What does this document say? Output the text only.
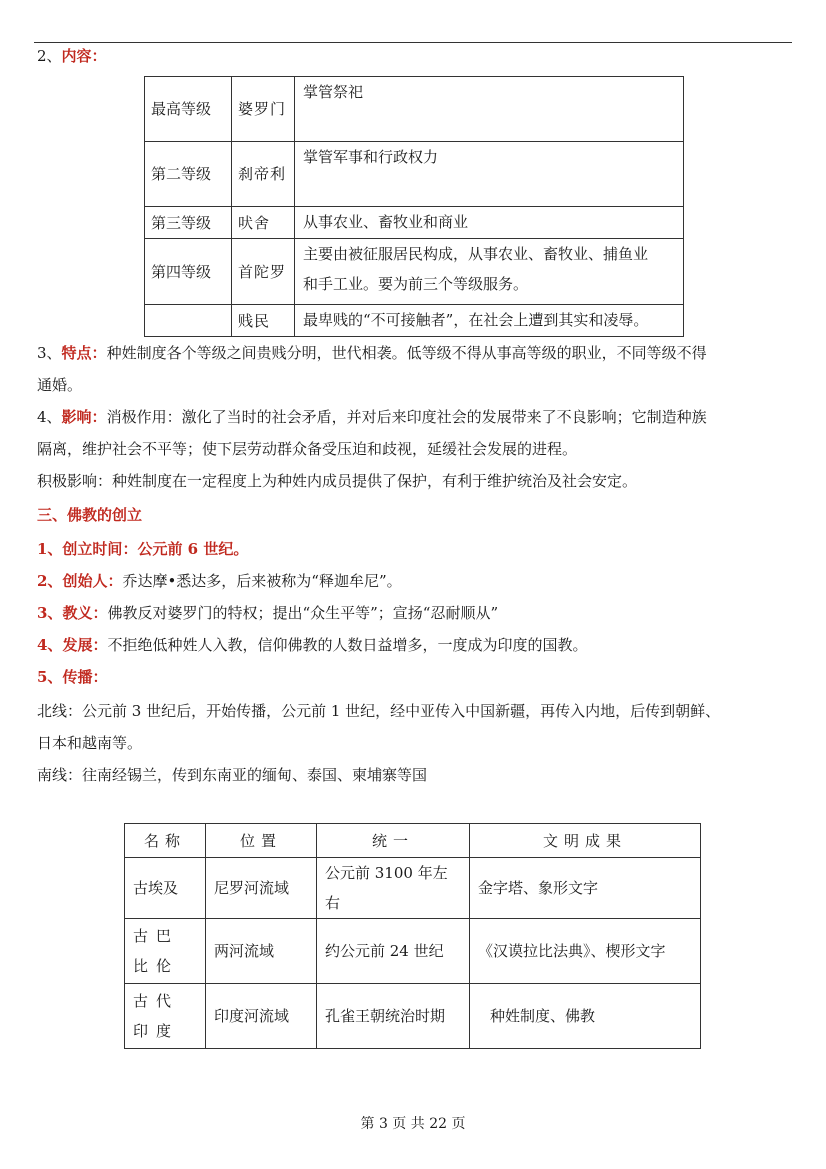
2、内容：
最高等级	婆罗门	掌管祭祀

第二等级	刹帝利	掌管军事和行政权力

第三等级	吠舍	从事农业、畜牧业和商业

第四等级	首陀罗	主要由被征服居民构成，从事农业、畜牧业、捕鱼业
和手工业。要为前三个等级服务。

	贱民	最卑贱的“不可接触者”，在社会上遭到其实和凌辱。
3、特点：种姓制度各个等级之间贵贱分明，世代相袭。低等级不得从事高等级的职业，不同等级不得
通婚。
4、影响：消极作用：激化了当时的社会矛盾，并对后来印度社会的发展带来了不良影响；它制造种族
隔离，维护社会不平等；使下层劳动群众备受压迫和歧视，延缓社会发展的进程。
积极影响：种姓制度在一定程度上为种姓内成员提供了保护，有利于维护统治及社会安定。
三、佛教的创立
1、创立时间：公元前 6 世纪。
2、创始人：乔达摩•悉达多，后来被称为“释迦牟尼”。
3、教义：佛教反对婆罗门的特权；提出“众生平等”；宣扬“忍耐顺从”
4、发展：不拒绝低种姓人入教，信仰佛教的人数日益增多，一度成为印度的国教。
5、传播：
北线：公元前 3 世纪后，开始传播，公元前 1 世纪，经中亚传入中国新疆，再传入内地，后传到朝鲜、
日本和越南等。
南线：往南经锡兰，传到东南亚的缅甸、泰国、柬埔寨等国
名称	位置	统一	文明成果
古埃及	尼罗河流域	公元前 3100 年左右	金字塔、象形文字
古巴比伦	两河流域	约公元前 24 世纪	《汉谟拉比法典》、楔形文字
古代印度	印度河流域	孔雀王朝统治时期	种姓制度、佛教
第 3 页 共 22 页
